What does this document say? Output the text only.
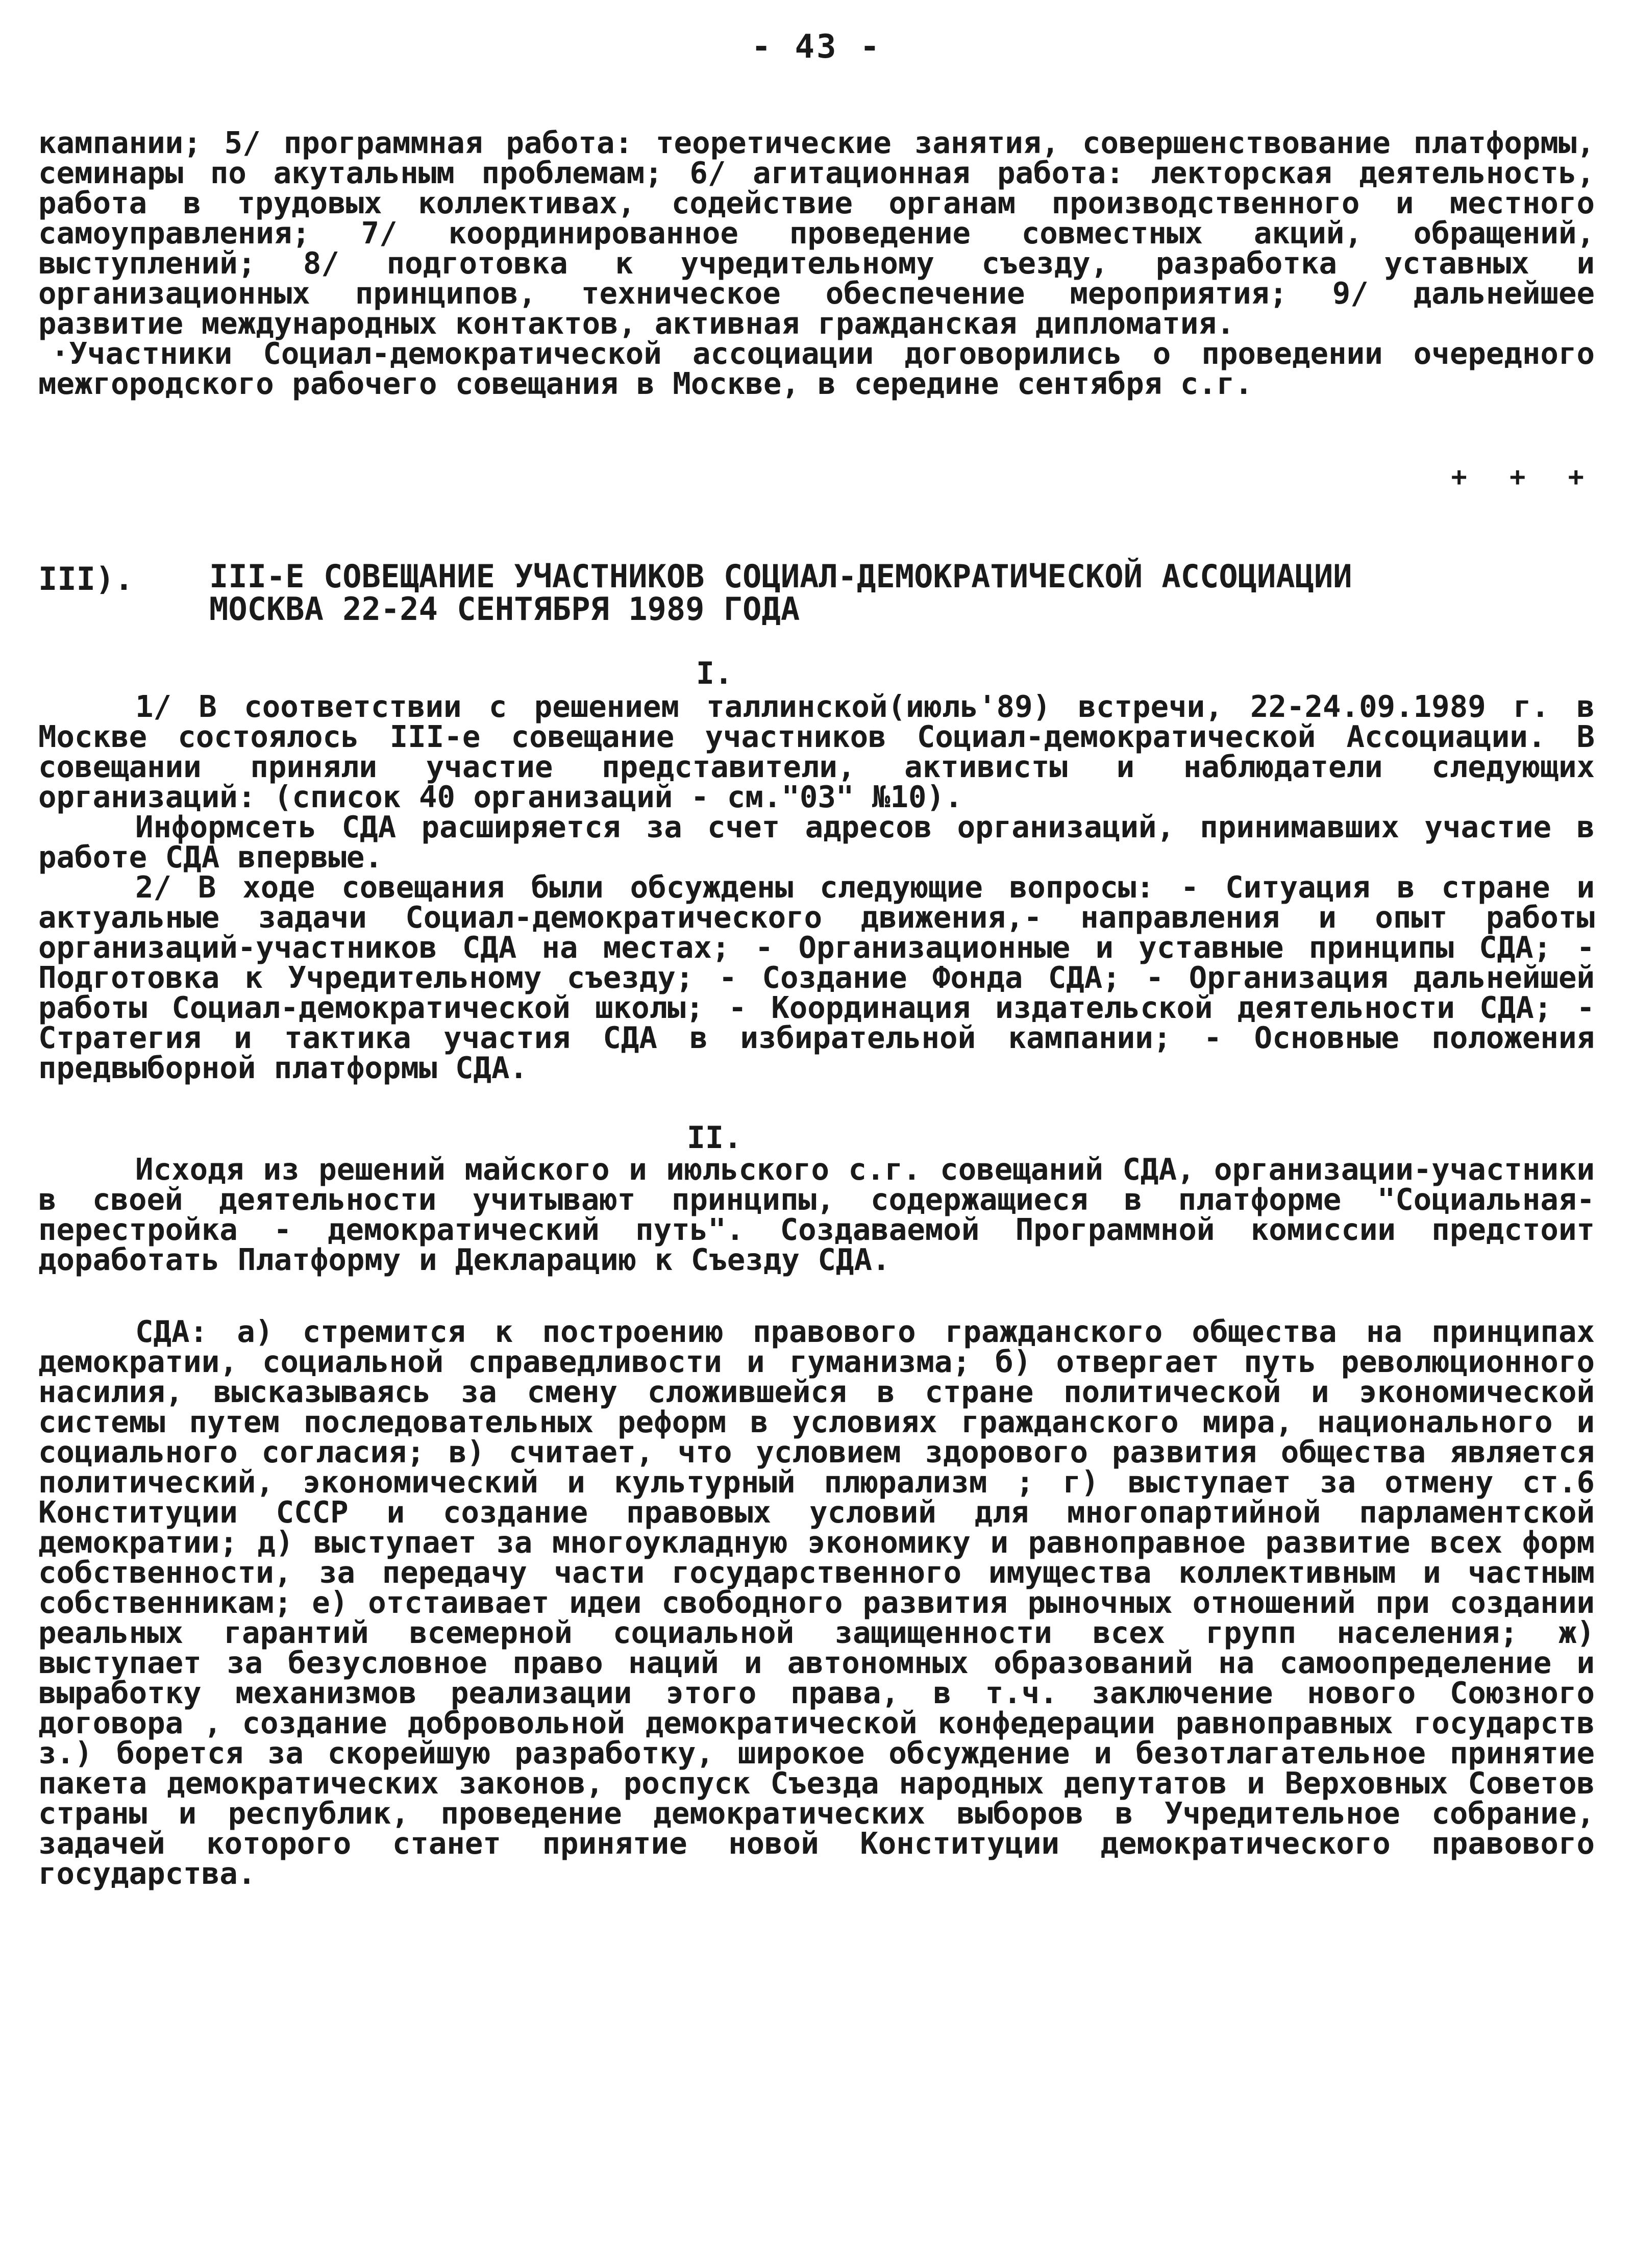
- 43 -

кампании; 5/ программная работа: теоретические занятия, совершенствование платформы, семинары по акутальным проблемам; 6/ агитационная работа: лекторская деятельность, работа в трудовых коллективах, содействие органам производственного и местного самоуправления; 7/ координированное проведение совместных акций, обращений, выступлений; 8/ подготовка к учредительному съезду, разработка уставных и организационных принципов, техническое обеспечение мероприятия; 9/ дальнейшее развитие международных контактов, активная гражданская дипломатия.

·Участники Социал-демократической ассоциации договорились о проведении очередного межгородского рабочего совещания в Москве, в середине сентября с.г.

+ + +
III). III-Е СОВЕЩАНИЕ УЧАСТНИКОВ СОЦИАЛ-ДЕМОКРАТИЧЕСКОЙ АССОЦИАЦИИ
МОСКВА 22-24 СЕНТЯБРЯ 1989 ГОДА
I.

1/ В соответствии с решением таллинской(июль'89) встречи, 22-24.09.1989 г. в Москве состоялось III-е совещание участников Социал-демократической Ассоциации. В совещании приняли участие представители, активисты и наблюдатели следующих организаций: (список 40 организаций - см."03" №10).

Информсеть СДА расширяется за счет адресов организаций, принимавших участие в работе СДА впервые.

2/ В ходе совещания были обсуждены следующие вопросы: - Ситуация в стране и актуальные задачи Социал-демократического движения,- направления и опыт работы организаций-участников СДА на местах; - Организационные и уставные принципы СДА; - Подготовка к Учредительному съезду; - Создание Фонда СДА; - Организация дальнейшей работы Социал-демократической школы; - Координация издательской деятельности СДА; - Стратегия и тактика участия СДА в избирательной кампании; - Основные положения предвыборной платформы СДА.

II.

Исходя из решений майского и июльского с.г. совещаний СДА, организации-участники в своей деятельности учитывают принципы, содержащиеся в платформе "Социальная-перестройка - демократический путь". Создаваемой Программной комиссии предстоит доработать Платформу и Декларацию к Съезду СДА.

СДА: а) стремится к построению правового гражданского общества на принципах демократии, социальной справедливости и гуманизма; б) отвергает путь революционного насилия, высказываясь за смену сложившейся в стране политической и экономической системы путем последовательных реформ в условиях гражданского мира, национального и социального согласия; в) считает, что условием здорового развития общества является политический, экономический и культурный плюрализм ; г) выступает за отмену ст.6 Конституции СССР и создание правовых условий для многопартийной парламентской демократии; д) выступает за многоукладную экономику и равноправное развитие всех форм собственности, за передачу части государственного имущества коллективным и частным собственникам; е) отстаивает идеи свободного развития рыночных отношений при создании реальных гарантий всемерной социальной защищенности всех групп населения; ж) выступает за безусловное право наций и автономных образований на самоопределение и выработку механизмов реализации этого права, в т.ч. заключение нового Союзного договора , создание добровольной демократической конфедерации равноправных государств з.) борется за скорейшую разработку, широкое обсуждение и безотлагательное принятие пакета демократических законов, роспуск Съезда народных депутатов и Верховных Советов страны и республик, проведение демократических выборов в Учредительное собрание, задачей которого станет принятие новой Конституции демократического правового государства.
